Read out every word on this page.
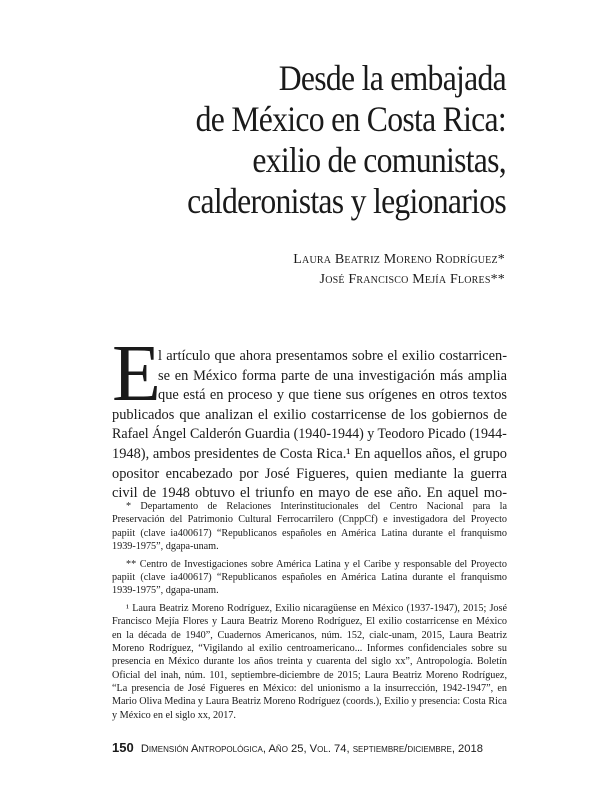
Desde la embajada
de México en Costa Rica:
exilio de comunistas,
calderonistas y legionarios
Laura Beatriz Moreno Rodríguez*
José Francisco Mejía Flores**
E
l artículo que ahora presentamos sobre el exilio costarricen-
se en México forma parte de una investigación más amplia
que está en proceso y que tiene sus orígenes en otros textos
publicados que analizan el exilio costarricense de los gobiernos de
Rafael Ángel Calderón Guardia (1940-1944) y Teodoro Picado (1944-
1948), ambos presidentes de Costa Rica.¹ En aquellos años, el grupo
opositor encabezado por José Figueres, quien mediante la guerra
civil de 1948 obtuvo el triunfo en mayo de ese año. En aquel mo-
* Departamento de Relaciones Interinstitucionales del Centro Nacional para la
Preservación del Patrimonio Cultural Ferrocarrilero (CnppCf) e investigadora del Proyecto
papiit (clave ia400617) “Republicanos españoles en América Latina durante el franquismo
1939-1975”, dgapa-unam.
** Centro de Investigaciones sobre América Latina y el Caribe y responsable del Proyecto
papiit (clave ia400617) “Republicanos españoles en América Latina durante el franquismo
1939-1975”, dgapa-unam.
¹ Laura Beatriz Moreno Rodríguez, Exilio nicaragüense en México (1937-1947), 2015; José
Francisco Mejía Flores y Laura Beatriz Moreno Rodríguez, El exilio costarricense en México
en la década de 1940”, Cuadernos Americanos, núm. 152, cialc-unam, 2015, Laura Beatriz
Moreno Rodríguez, “Vigilando al exilio centroamericano... Informes confidenciales sobre su
presencia en México durante los años treinta y cuarenta del siglo xx”, Antropología. Boletín
Oficial del inah, núm. 101, septiembre-diciembre de 2015; Laura Beatriz Moreno Rodríguez,
“La presencia de José Figueres en México: del unionismo a la insurrección, 1942-1947”, en
Mario Oliva Medina y Laura Beatriz Moreno Rodríguez (coords.), Exilio y presencia: Costa Rica
y México en el siglo xx, 2017.
150 Dimensión Antropológica, Año 25, Vol. 74, septiembre/diciembre, 2018
